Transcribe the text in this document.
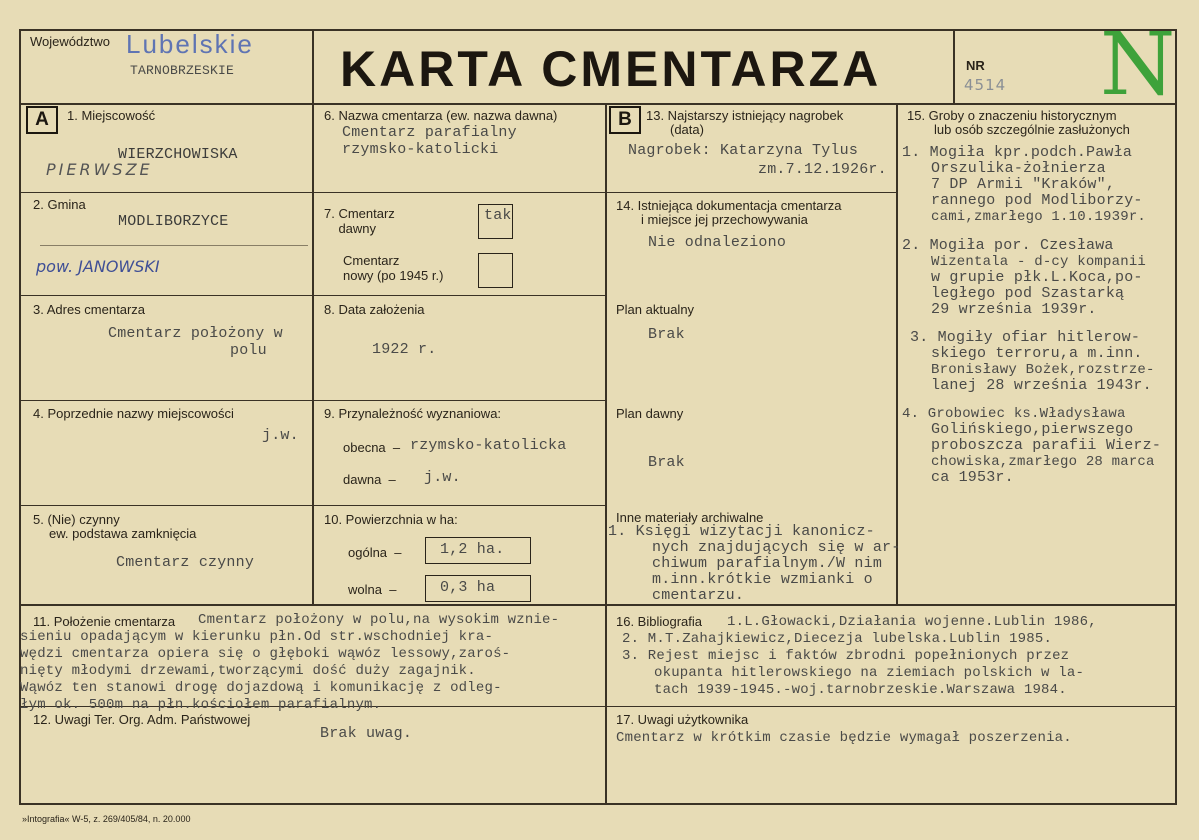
Województwo Lubelskie
TARNOBRZESKIE KARTA CMENTARZA	NR
4514 N
A	B
1. Miejscowość
WIERZCHOWISKA
PIERWSZE
2. Gmina
MODLIBORZYCE
pow. JANOWSKI
3. Adres cmentarza
Cmentarz położony w
polu
4. Poprzednie nazwy miejscowości
j.w.
5. (Nie) czynny
ew. podstawa zamknięcia
Cmentarz czynny
6. Nazwa cmentarza (ew. nazwa dawna)
Cmentarz parafialny
rzymsko-katolicki
7. Cmentarz
dawny
tak
Cmentarz
nowy (po 1945 r.)
8. Data założenia
1922 r.
9. Przynależność wyznaniowa:
obecna  – rzymsko-katolicka
dawna  – j.w.
10. Powierzchnia w ha:
ogólna  –	1,2 ha.
wolna  –	0,3 ha
13. Najstarszy istniejący nagrobek
(data)
Nagrobek: Katarzyna Tylus
zm.7.12.1926r.
14. Istniejąca dokumentacja cmentarza
i miejsce jej przechowywania
Nie odnaleziono
Plan aktualny
Brak
Plan dawny
Brak
Inne materiały archiwalne
1. Księgi wizytacji kanonicz-
nych znajdujących się w ar-
chiwum parafialnym./W nim
m.inn.krótkie wzmianki o
cmentarzu.
15. Groby o znaczeniu historycznym
lub osób szczególnie zasłużonych
1. Mogiła kpr.podch.Pawła
Orszulika-żołnierza
7 DP Armii "Kraków",
rannego pod Modliborzy-
cami,zmarłego 1.10.1939r.
2. Mogiła por. Czesława
Wizentala - d-cy kompanii
w grupie płk.L.Koca,po-
ległego pod Szastarką
29 września 1939r.
3. Mogiły ofiar hitlerow-
skiego terroru,a m.inn.
Bronisławy Bożek,rozstrze-
lanej 28 września 1943r.
4. Grobowiec ks.Władysława
Golińskiego,pierwszego
proboszcza parafii Wierz-
chowiska,zmarłego 28 marca
ca 1953r.
11. Położenie cmentarza Cmentarz położony w polu,na wysokim wznie-
sieniu opadającym w kierunku płn.Od str.wschodniej kra-
wędzi cmentarza opiera się o głęboki wąwóz lessowy,zaroś-
nięty młodymi drzewami,tworzącymi dość duży zagajnik.
Wąwóz ten stanowi drogę dojazdową i komunikację z odleg-
łym ok. 500m na płn.kościołem parafialnym.
12. Uwagi Ter. Org. Adm. Państwowej
Brak uwag.
16. Bibliografia 1.L.Głowacki,Działania wojenne.Lublin 1986,
2. M.T.Zahajkiewicz,Diecezja lubelska.Lublin 1985.
3. Rejest miejsc i faktów zbrodni popełnionych przez
okupanta hitlerowskiego na ziemiach polskich w la-
tach 1939-1945.-woj.tarnobrzeskie.Warszawa 1984.
17. Uwagi użytkownika
Cmentarz w krótkim czasie będzie wymagał poszerzenia.
»Intografia« W-5, z. 269/405/84, n. 20.000
